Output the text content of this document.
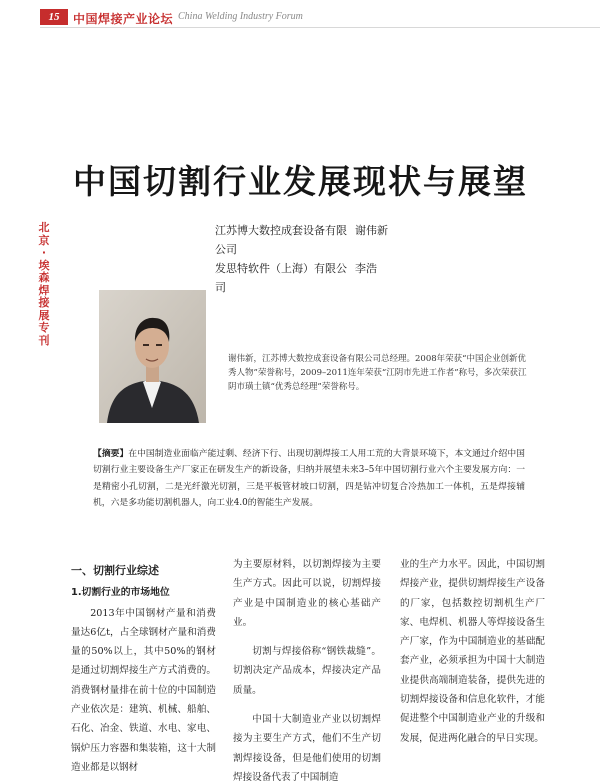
15	中国焊接产业论坛 China Welding Industry Forum
北
京
·
埃
森
焊
接
展
专
刊
中国切割行业发展现状与展望
江苏博大数控成套设备有限公司
谢伟新
发思特软件（上海）有限公司
李浩
谢伟新，江苏博大数控成套设备有限公司总经理。2008年荣获“中国企业创新优秀人物”荣誉称号，2009–2011连年荣获“江阴市先进工作者”称号，多次荣获江阴市璜土镇“优秀总经理”荣誉称号。
【摘要】在中国制造业面临产能过剩、经济下行、出现切割焊接工人用工荒的大背景环境下，本文通过介绍中国切割行业主要设备生产厂家正在研发生产的新设备，归纳并展望未来3–5年中国切割行业六个主要发展方向：一是精密小孔切割，二是光纤激光切割，三是平板管材坡口切割，四是钻冲切复合冷热加工一体机，五是焊接辅机，六是多功能切割机器人，向工业4.0的智能生产发展。
一、切割行业综述
1.切割行业的市场地位
2013年中国钢材产量和消费量达6亿t，占全球钢材产量和消费量的50%以上，其中50%的钢材是通过切割焊接生产方式消费的。消费钢材量排在前十位的中国制造产业依次是：建筑、机械、船舶、石化、冶金、铁道、水电、家电、锅炉压力容器和集装箱，这十大制造业都是以钢材
为主要原材料，以切割焊接为主要生产方式。因此可以说，切割焊接产业是中国制造业的核心基础产业。
切割与焊接俗称“钢铁裁缝”。切割决定产品成本，焊接决定产品质量。
中国十大制造业产业以切割焊接为主要生产方式，他们不生产切割焊接设备，但是他们使用的切割焊接设备代表了中国制造
业的生产力水平。因此，中国切割焊接产业，提供切割焊接生产设备的厂家，包括数控切割机生产厂家、电焊机、机器人等焊接设备生产厂家，作为中国制造业的基础配套产业，必须承担为中国十大制造业提供高端制造装备，提供先进的切割焊接设备和信息化软件，才能促进整个中国制造业产业的升级和发展，促进两化融合的早日实现。
